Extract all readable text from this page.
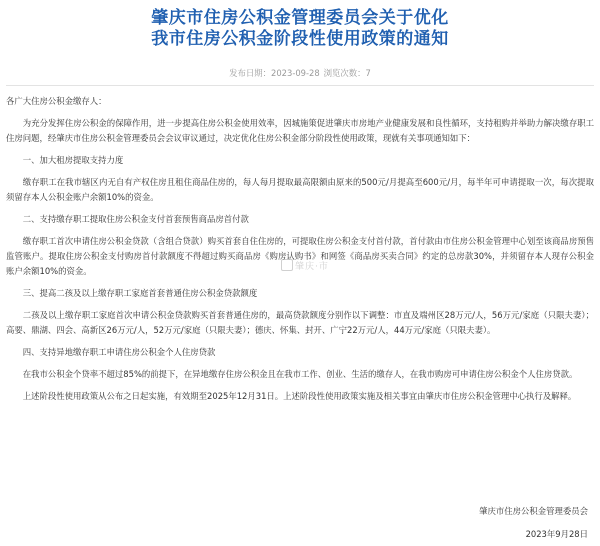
肇庆市住房公积金管理委员会关于优化
我市住房公积金阶段性使用政策的通知
发布日期：2023-09-28 浏览次数：7

各广大住房公积金缴存人：

为充分发挥住房公积金的保障作用，进一步提高住房公积金使用效率，因城施策促进肇庆市房地产业健康发展和良性循环，支持租购并举助力解决缴存职工住房问题，经肇庆市住房公积金管理委员会会议审议通过，决定优化住房公积金部分阶段性使用政策，现就有关事项通知如下：

一、加大租房提取支持力度

缴存职工在我市辖区内无自有产权住房且租住商品住房的，每人每月提取最高限额由原来的500元/月提高至600元/月，每半年可申请提取一次，每次提取须留存本人公积金账户余额10%的资金。

二、支持缴存职工提取住房公积金支付首套预售商品房首付款

缴存职工首次申请住房公积金贷款（含组合贷款）购买首套自住住房的，可提取住房公积金支付首付款，首付款由市住房公积金管理中心划至该商品房预售监管账户。提取住房公积金支付购房首付款额度不得超过购买商品房《购房认购书》和网签《商品房买卖合同》约定的总房款30%，并须留存本人现存公积金账户余额10%的资金。

三、提高二孩及以上缴存职工家庭首套普通住房公积金贷款额度

二孩及以上缴存职工家庭首次申请公积金贷款购买首套普通住房的，最高贷款额度分别作以下调整：市直及端州区28万元/人，56万元/家庭（只限夫妻）；高要、鼎湖、四会、高新区26万元/人，52万元/家庭（只限夫妻）；德庆、怀集、封开、广宁22万元/人，44万元/家庭（只限夫妻）。

四、支持异地缴存职工申请住房公积金个人住房贷款

在我市公积金个贷率不超过85%的前提下，在异地缴存住房公积金且在我市工作、创业、生活的缴存人，在我市购房可申请住房公积金个人住房贷款。

上述阶段性使用政策从公布之日起实施，有效期至2025年12月31日。上述阶段性使用政策实施及相关事宜由肇庆市住房公积金管理中心执行及解释。

肇庆·市
肇庆市住房公积金管理委员会
2023年9月28日
